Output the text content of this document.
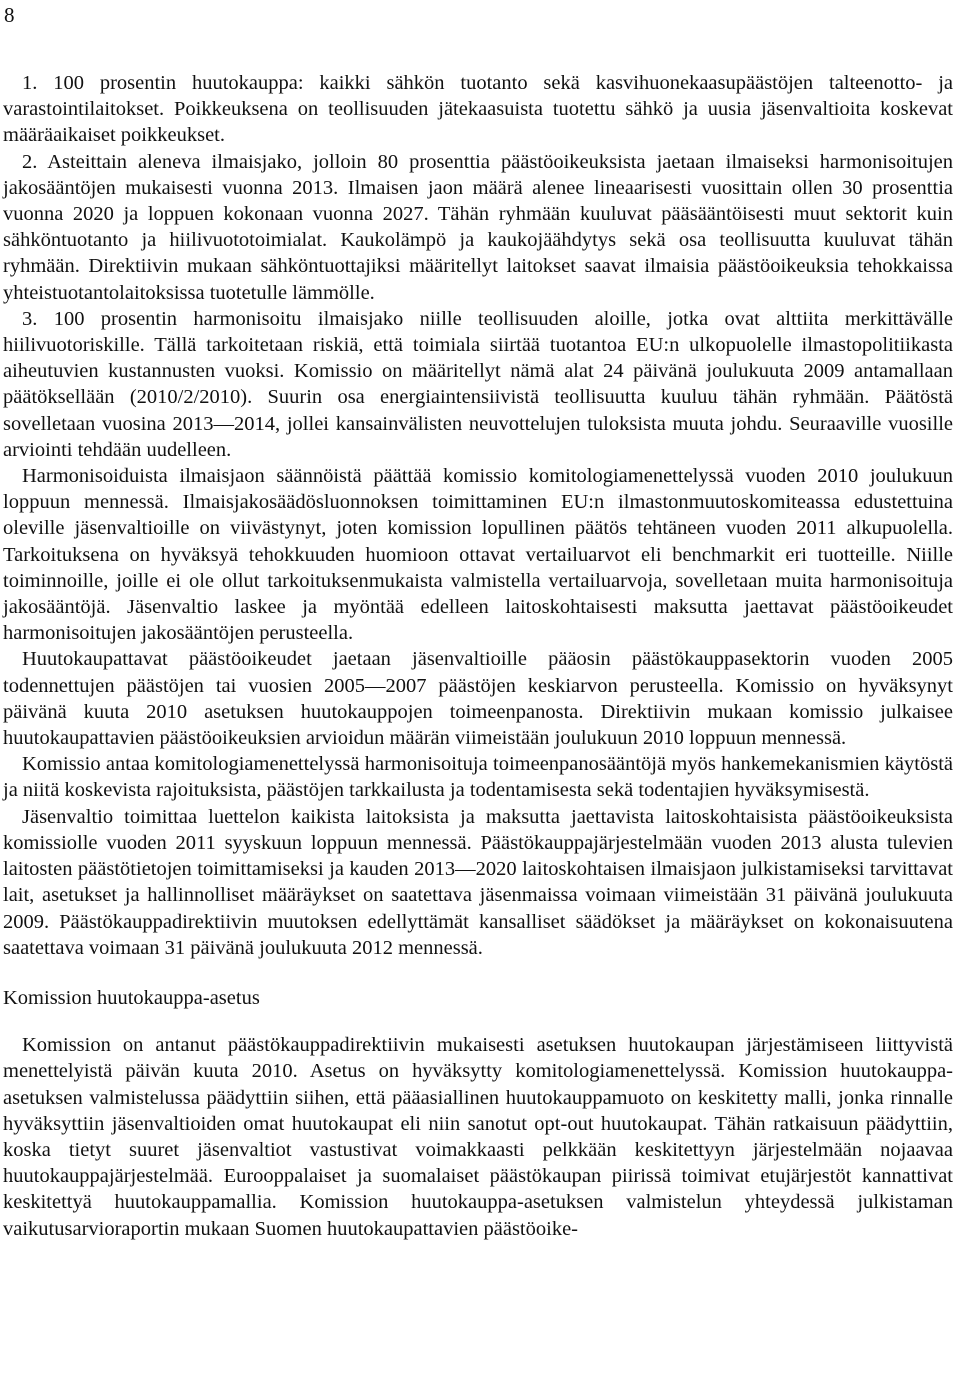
8

1. 100 prosentin huutokauppa: kaikki sähkön tuotanto sekä kasvihuonekaasupäästöjen talteenotto- ja varastointilaitokset. Poikkeuksena on teollisuuden jätekaasuista tuotettu sähkö ja uusia jäsenvaltioita koskevat määräaikaiset poikkeukset.

2. Asteittain aleneva ilmaisjako, jolloin 80 prosenttia päästöoikeuksista jaetaan ilmaiseksi harmonisoitujen jakosääntöjen mukaisesti vuonna 2013. Ilmaisen jaon määrä alenee lineaarisesti vuosittain ollen 30 prosenttia vuonna 2020 ja loppuen kokonaan vuonna 2027. Tähän ryhmään kuuluvat pääsääntöisesti muut sektorit kuin sähköntuotanto ja hiilivuototoimialat. Kaukolämpö ja kaukojäähdytys sekä osa teollisuutta kuuluvat tähän ryhmään. Direktiivin mukaan sähköntuottajiksi määritellyt laitokset saavat ilmaisia päästöoikeuksia tehokkaissa yhteistuotantolaitoksissa tuotetulle lämmölle.

3. 100 prosentin harmonisoitu ilmaisjako niille teollisuuden aloille, jotka ovat alttiita merkittävälle hiilivuotoriskille. Tällä tarkoitetaan riskiä, että toimiala siirtää tuotantoa EU:n ulkopuolelle ilmastopolitiikasta aiheutuvien kustannusten vuoksi. Komissio on määritellyt nämä alat 24 päivänä joulukuuta 2009 antamallaan päätöksellään (2010/2/2010). Suurin osa energiaintensiivistä teollisuutta kuuluu tähän ryhmään. Päätöstä sovelletaan vuosina 2013—2014, jollei kansainvälisten neuvottelujen tuloksista muuta johdu. Seuraaville vuosille arviointi tehdään uudelleen.

Harmonisoiduista ilmaisjaon säännöistä päättää komissio komitologiamenettelyssä vuoden 2010 joulukuun loppuun mennessä. Ilmaisjakosäädösluonnoksen toimittaminen EU:n ilmastonmuutoskomiteassa edustettuina oleville jäsenvaltioille on viivästynyt, joten komission lopullinen päätös tehtäneen vuoden 2011 alkupuolella. Tarkoituksena on hyväksyä tehokkuuden huomioon ottavat vertailuarvot eli benchmarkit eri tuotteille. Niille toiminnoille, joille ei ole ollut tarkoituksenmukaista valmistella vertailuarvoja, sovelletaan muita harmonisoituja jakosääntöjä. Jäsenvaltio laskee ja myöntää edelleen laitoskohtaisesti maksutta jaettavat päästöoikeudet harmonisoitujen jakosääntöjen perusteella.

Huutokaupattavat päästöoikeudet jaetaan jäsenvaltioille pääosin päästökauppasektorin vuoden 2005 todennettujen päästöjen tai vuosien 2005—2007 päästöjen keskiarvon perusteella. Komissio on hyväksynyt päivänä kuuta 2010 asetuksen huutokauppojen toimeenpanosta. Direktiivin mukaan komissio julkaisee huutokaupattavien päästöoikeuksien arvioidun määrän viimeistään joulukuun 2010 loppuun mennessä.

Komissio antaa komitologiamenettelyssä harmonisoituja toimeenpanosääntöjä myös hankemekanismien käytöstä ja niitä koskevista rajoituksista, päästöjen tarkkailusta ja todentamisesta sekä todentajien hyväksymisestä.

Jäsenvaltio toimittaa luettelon kaikista laitoksista ja maksutta jaettavista laitoskohtaisista päästöoikeuksista komissiolle vuoden 2011 syyskuun loppuun mennessä. Päästökauppajärjestelmään vuoden 2013 alusta tulevien laitosten päästötietojen toimittamiseksi ja kauden 2013—2020 laitoskohtaisen ilmaisjaon julkistamiseksi tarvittavat lait, asetukset ja hallinnolliset määräykset on saatettava jäsenmaissa voimaan viimeistään 31 päivänä joulukuuta 2009. Päästökauppadirektiivin muutoksen edellyttämät kansalliset säädökset ja määräykset on kokonaisuutena saatettava voimaan 31 päivänä joulukuuta 2012 mennessä.

Komission huutokauppa-asetus

Komission on antanut päästökauppadirektiivin mukaisesti asetuksen huutokaupan järjestämiseen liittyvistä menettelyistä päivän kuuta 2010. Asetus on hyväksytty komitologiamenettelyssä. Komission huutokauppa-asetuksen valmistelussa päädyttiin siihen, että pääasiallinen huutokauppamuoto on keskitetty malli, jonka rinnalle hyväksyttiin jäsenvaltioiden omat huutokaupat eli niin sanotut opt-out huutokaupat. Tähän ratkaisuun päädyttiin, koska tietyt suuret jäsenvaltiot vastustivat voimakkaasti pelkkään keskitettyyn järjestelmään nojaavaa huutokauppajärjestelmää. Eurooppalaiset ja suomalaiset päästökaupan piirissä toimivat etujärjestöt kannattivat keskitettyä huutokauppamallia. Komission huutokauppa-asetuksen valmistelun yhteydessä julkistaman vaikutusarvioraportin mukaan Suomen huutokaupattavien päästöoike-
